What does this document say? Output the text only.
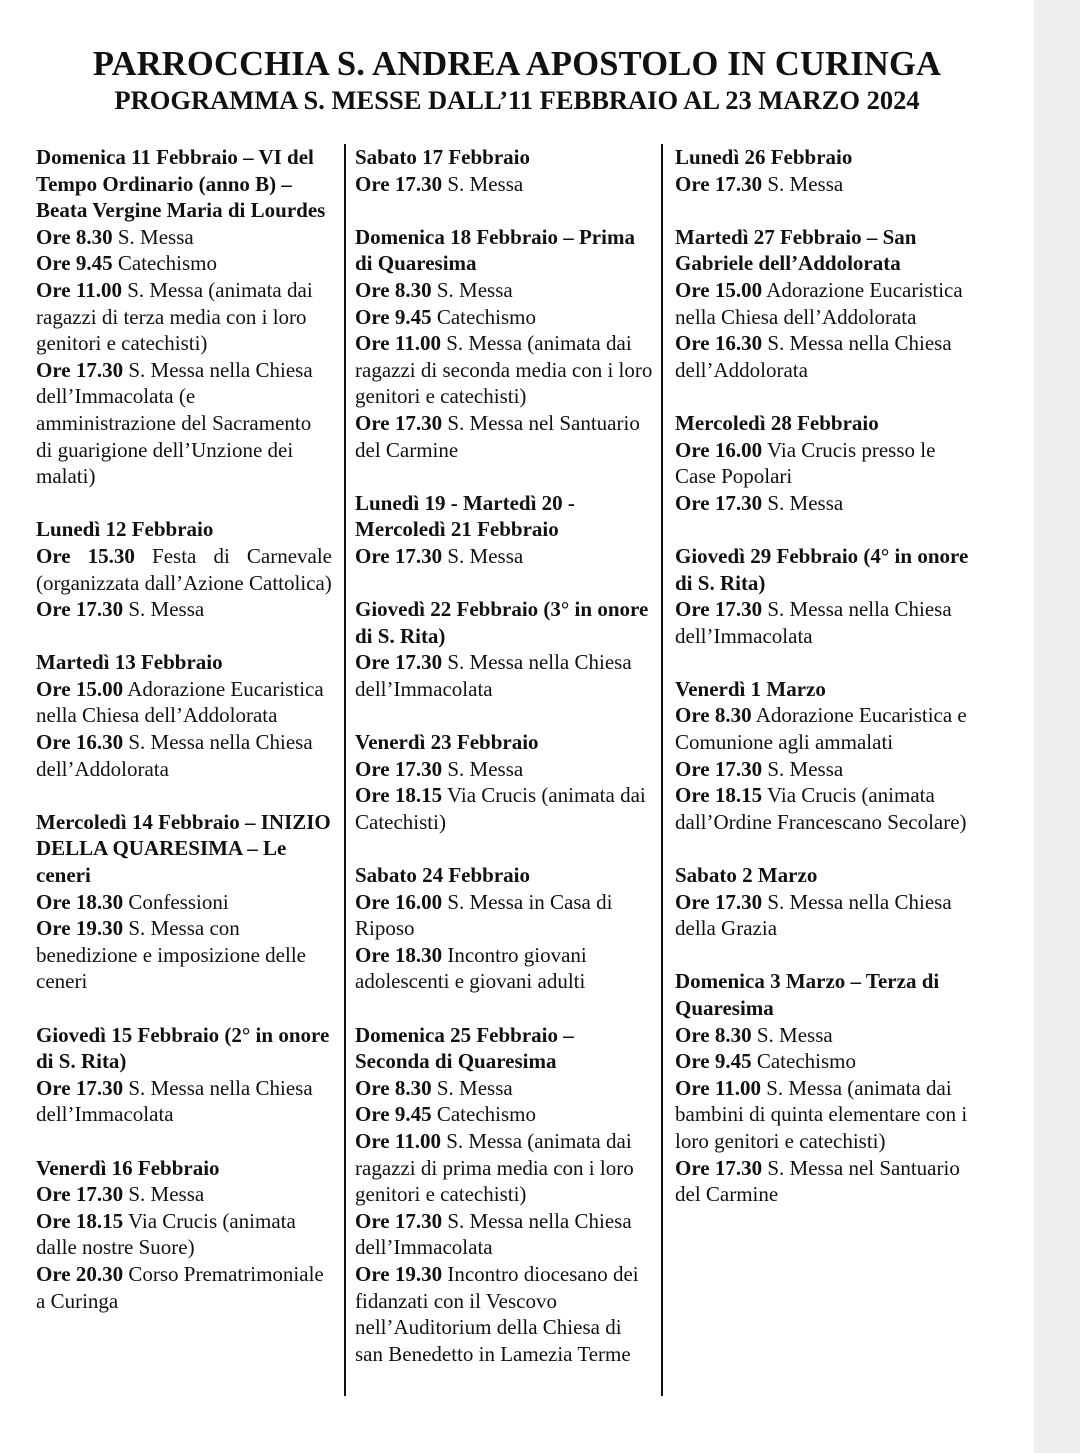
PARROCCHIA S. ANDREA APOSTOLO IN CURINGA
PROGRAMMA S. MESSE DALL’11 FEBBRAIO AL 23 MARZO 2024
Domenica 11 Febbraio – VI del Tempo Ordinario (anno B) – Beata Vergine Maria di Lourdes
Ore 8.30 S. Messa
Ore 9.45 Catechismo
Ore 11.00 S. Messa (animata dai ragazzi di terza media con i loro genitori e catechisti)
Ore 17.30 S. Messa nella Chiesa dell’Immacolata (e amministrazione del Sacramento di guarigione dell’Unzione dei malati)
Lunedì 12 Febbraio
Ore 15.30 Festa di Carnevale (organizzata dall’Azione Cattolica)
Ore 17.30 S. Messa
Martedì 13 Febbraio
Ore 15.00 Adorazione Eucaristica nella Chiesa dell’Addolorata
Ore 16.30 S. Messa nella Chiesa dell’Addolorata
Mercoledì 14 Febbraio – INIZIO DELLA QUARESIMA – Le ceneri
Ore 18.30 Confessioni
Ore 19.30 S. Messa con benedizione e imposizione delle ceneri
Giovedì 15 Febbraio (2° in onore di S. Rita)
Ore 17.30 S. Messa nella Chiesa dell’Immacolata
Venerdì 16 Febbraio
Ore 17.30 S. Messa
Ore 18.15 Via Crucis (animata dalle nostre Suore)
Ore 20.30 Corso Prematrimoniale a Curinga
Sabato 17 Febbraio
Ore 17.30 S. Messa
Domenica 18 Febbraio – Prima di Quaresima
Ore 8.30 S. Messa
Ore 9.45 Catechismo
Ore 11.00 S. Messa (animata dai ragazzi di seconda media con i loro genitori e catechisti)
Ore 17.30 S. Messa nel Santuario del Carmine
Lunedì 19 - Martedì 20 - Mercoledì 21 Febbraio
Ore 17.30 S. Messa
Giovedì 22 Febbraio (3° in onore di S. Rita)
Ore 17.30 S. Messa nella Chiesa dell’Immacolata
Venerdì 23 Febbraio
Ore 17.30 S. Messa
Ore 18.15 Via Crucis (animata dai Catechisti)
Sabato 24 Febbraio
Ore 16.00 S. Messa in Casa di Riposo
Ore 18.30 Incontro giovani adolescenti e giovani adulti
Domenica 25 Febbraio – Seconda di Quaresima
Ore 8.30 S. Messa
Ore 9.45 Catechismo
Ore 11.00 S. Messa (animata dai ragazzi di prima media con i loro genitori e catechisti)
Ore 17.30 S. Messa nella Chiesa dell’Immacolata
Ore 19.30 Incontro diocesano dei fidanzati con il Vescovo nell’Auditorium della Chiesa di san Benedetto in Lamezia Terme
Lunedì 26 Febbraio
Ore 17.30 S. Messa
Martedì 27 Febbraio – San Gabriele dell’Addolorata
Ore 15.00 Adorazione Eucaristica nella Chiesa dell’Addolorata
Ore 16.30 S. Messa nella Chiesa dell’Addolorata
Mercoledì 28 Febbraio
Ore 16.00 Via Crucis presso le Case Popolari
Ore 17.30 S. Messa
Giovedì 29 Febbraio (4° in onore di S. Rita)
Ore 17.30 S. Messa nella Chiesa dell’Immacolata
Venerdì 1 Marzo
Ore 8.30 Adorazione Eucaristica e Comunione agli ammalati
Ore 17.30 S. Messa
Ore 18.15 Via Crucis (animata dall’Ordine Francescano Secolare)
Sabato 2 Marzo
Ore 17.30 S. Messa nella Chiesa della Grazia
Domenica 3 Marzo – Terza di Quaresima
Ore 8.30 S. Messa
Ore 9.45 Catechismo
Ore 11.00 S. Messa (animata dai bambini di quinta elementare con i loro genitori e catechisti)
Ore 17.30 S. Messa nel Santuario del Carmine
